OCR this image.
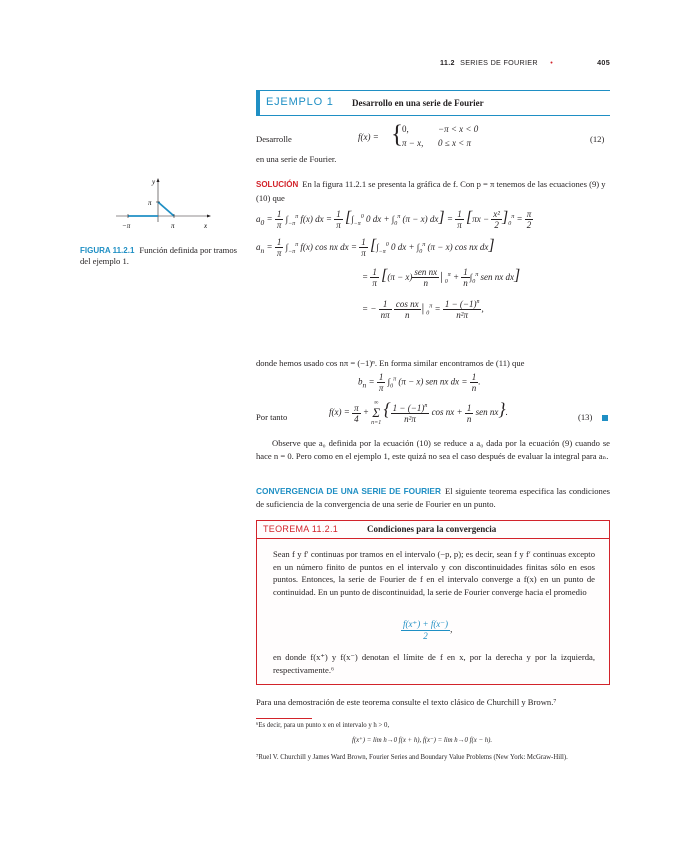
11.2 SERIES DE FOURIER •	405
EJEMPLO 1 Desarrollo en una serie de Fourier
Desarrolle	f(x) = { 0,	−π < x < 0
π − x, 0 ≤ x < π	(12)
en una serie de Fourier.
y
x
π
−π	π
FIGURA 11.2.1 Función definida por tramos del ejemplo 1.
SOLUCIÓN En la figura 11.2.1 se presenta la gráfica de f. Con p = π tenemos de las ecuaciones (9) y (10) que
$a_0 = \frac{1}{\pi} \int_{-\pi}^\pi$ f(x) dx = $\frac{1}{\pi} [\int_{-\pi}^0$ 0 dx + $\int_0^\pi$ (π − x) $dx] = \frac{1}{\pi} [\pi x - \frac{\text{x²}}{2} ]_0^\pi = \frac{\pi}{2}$
$a_n = \frac{1}{\pi} \int_{-\pi}^\pi$ f(x) cos nx dx = $\frac{1}{\pi} [\int_{-\pi}^0$ 0 dx + $\int_0^\pi$ (π − x) cos nx dx]
= $\frac{1}{\pi} [(\pi - x) \frac{\text{sen nx}}{n}$ $│_0^\pi + \frac{1}{n} \int_0^\pi$ sen nx dx]
= − $\frac{1}{n\pi}$
$\frac{\text{cos nx}}{n}$ $│_0^\pi = \frac{1 - (-1)^n}{\text{n²π}}$ ,
donde hemos usado cos nπ = (−1)ⁿ. En forma similar encontramos de (11) que
$b_n = \frac{1}{\pi} \int_0^\pi$ (π − x) sen nx dx = $\frac{1}{n}$ .
Por tanto	$f(x) = \frac{\pi}{4}$ +
∞
Σ
n=1
{ $\frac{1 - (-1)^n}{\text{n²π}}$ cos nx + $\frac{1}{n}$ sen nx}.	(13)
Observe que a₀ definida por la ecuación (10) se reduce a a₀ dada por la ecuación (9) cuando se hace n = 0. Pero como en el ejemplo 1, este quizá no sea el caso después de evaluar la integral para aₙ.
CONVERGENCIA DE UNA SERIE DE FOURIER El siguiente teorema especifica las condiciones de suficiencia de la convergencia de una serie de Fourier en un punto.
TEOREMA 11.2.1	Condiciones para la convergencia
Sean f y f′ continuas por tramos en el intervalo (−p, p); es decir, sean f y f′ continuas excepto en un número finito de puntos en el intervalo y con discontinuidades finitas sólo en esos puntos. Entonces, la serie de Fourier de f en el intervalo converge a f(x) en un punto de continuidad. En un punto de discontinuidad, la serie de Fourier converge hacia el promedio
$\frac{f(x^+) + f(x^-)}{2}$ ,
en donde f(x⁺) y f(x⁻) denotan el límite de f en x, por la derecha y por la izquierda, respectivamente.⁶
Para una demostración de este teorema consulte el texto clásico de Churchill y Brown.⁷
⁶Es decir, para un punto x en el intervalo y h > 0,
f(x⁺) = lim h→0 f(x + h), f(x⁻) = lim h→0 f(x − h).
⁷Ruel V. Churchill y James Ward Brown, Fourier Series and Boundary Value Problems (New York: McGraw-Hill).
